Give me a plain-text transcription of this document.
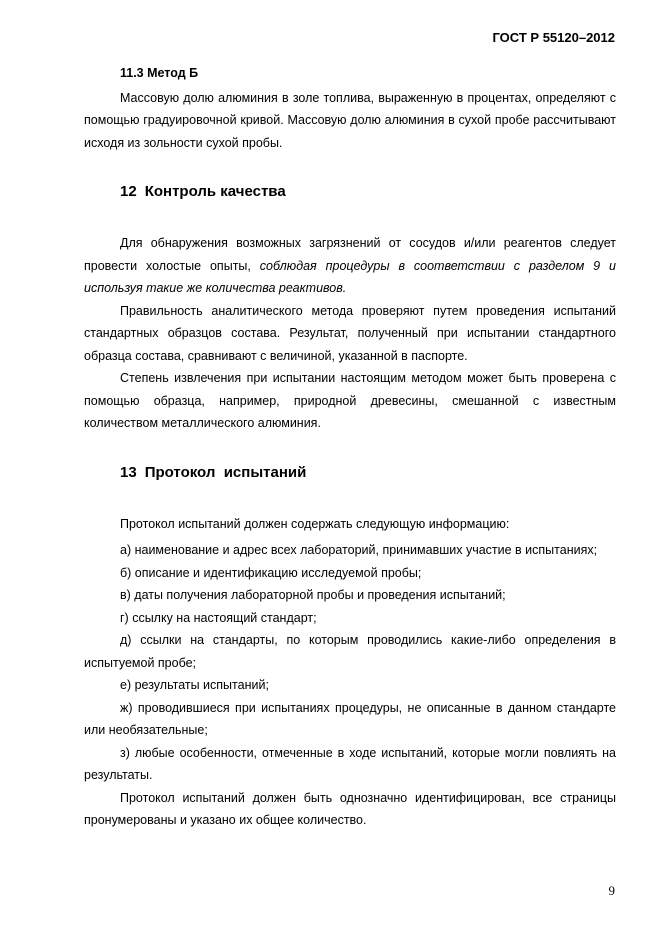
ГОСТ Р 55120–2012
11.3 Метод Б

Массовую долю алюминия в золе топлива, выраженную в процентах, определяют с помощью градуировочной кривой. Массовую долю алюминия в сухой пробе рассчитывают исходя из зольности сухой пробы.

12 Контроль качества

Для обнаружения возможных загрязнений от сосудов и/или реагентов следует провести холостые опыты, соблюдая процедуры в соответствии с разделом 9 и используя такие же количества реактивов.

Правильность аналитического метода проверяют путем проведения испытаний стандартных образцов состава. Результат, полученный при испытании стандартного образца состава, сравнивают с величиной, указанной в паспорте.

Степень извлечения при испытании настоящим методом может быть проверена с помощью образца, например, природной древесины, смешанной с известным количеством металлического алюминия.

13 Протокол  испытаний

Протокол испытаний должен содержать следующую информацию:

а) наименование и адрес всех лабораторий, принимавших участие в испытаниях;

б) описание и идентификацию исследуемой пробы;

в) даты получения лабораторной пробы и проведения испытаний;

г) ссылку на настоящий стандарт;

д) ссылки на стандарты, по которым проводились какие-либо определения в испытуемой пробе;

е) результаты испытаний;

ж) проводившиеся при испытаниях процедуры, не описанные в данном стандарте или необязательные;

з) любые особенности, отмеченные в ходе испытаний, которые могли повлиять на результаты.

Протокол испытаний должен быть однозначно идентифицирован, все страницы пронумерованы и указано их общее количество.

9
